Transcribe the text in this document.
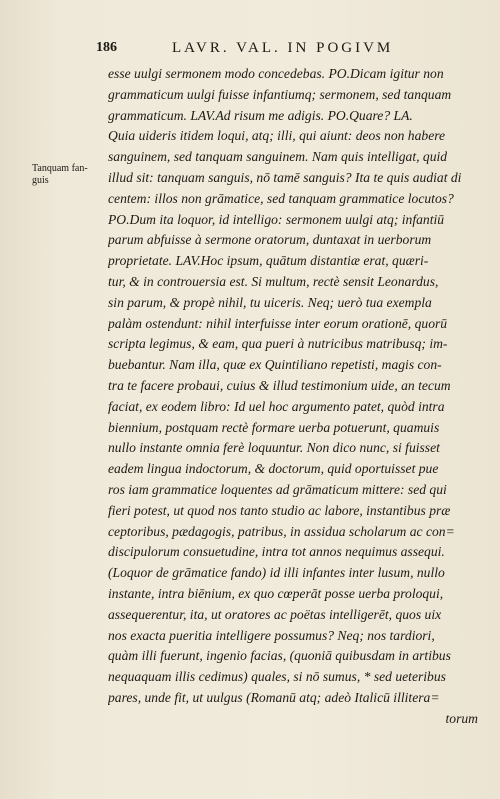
186	LAVR. VAL. IN POGIVM
Tanquam fan-
guis
esse uulgi sermonem modo concedebas. PO.Dicam igitur non
grammaticum uulgi fuisse infantiumq; sermonem, sed tanquam
grammaticum. LAV.Ad risum me adigis. PO.Quare? LA.
Quia uideris itidem loqui, atq; illi, qui aiunt: deos non habere
sanguinem, sed tanquam sanguinem. Nam quis intelligat, quid
illud sit: tanquam sanguis, nō tamē sanguis? Ita te quis audiat di
centem: illos non grāmatice, sed tanquam grammatice locutos?
PO.Dum ita loquor, id intelligo: sermonem uulgi atq; infantiū
parum abfuisse à sermone oratorum, duntaxat in uerborum
proprietate. LAV.Hoc ipsum, quātum distantiæ erat, quæri-
tur, & in controuersia est. Si multum, rectè sensit Leonardus,
sin parum, & propè nihil, tu uiceris. Neq; uerò tua exempla
palàm ostendunt: nihil interfuisse inter eorum orationē, quorū
scripta legimus, & eam, qua pueri à nutricibus matribusq; im-
buebantur. Nam illa, quæ ex Quintiliano repetisti, magis con-
tra te facere probaui, cuius & illud testimonium uide, an tecum
faciat, ex eodem libro: Id uel hoc argumento patet, quòd intra
biennium, postquam rectè formare uerba potuerunt, quamuis
nullo instante omnia ferè loquuntur. Non dico nunc, si fuisset
eadem lingua indoctorum, & doctorum, quid oportuisset pue
ros iam grammatice loquentes ad grāmaticum mittere: sed qui
fieri potest, ut quod nos tanto studio ac labore, instantibus præ
ceptoribus, pædagogis, patribus, in assidua scholarum ac con=
discipulorum consuetudine, intra tot annos nequimus assequi.
(Loquor de grāmatice fando) id illi infantes inter lusum, nullo
instante, intra biēnium, ex quo cœperāt posse uerba proloqui,
assequerentur, ita, ut oratores ac poëtas intelligerēt, quos uix
nos exacta pueritia intelligere possumus? Neq; nos tardiori,
quàm illi fuerunt, ingenio facias, (quoniā quibusdam in artibus
nequaquam illis cedimus) quales, si nō sumus, * sed ueteribus
pares, unde fit, ut uulgus (Romanū atq; adeò Italicū illitera=
torum
